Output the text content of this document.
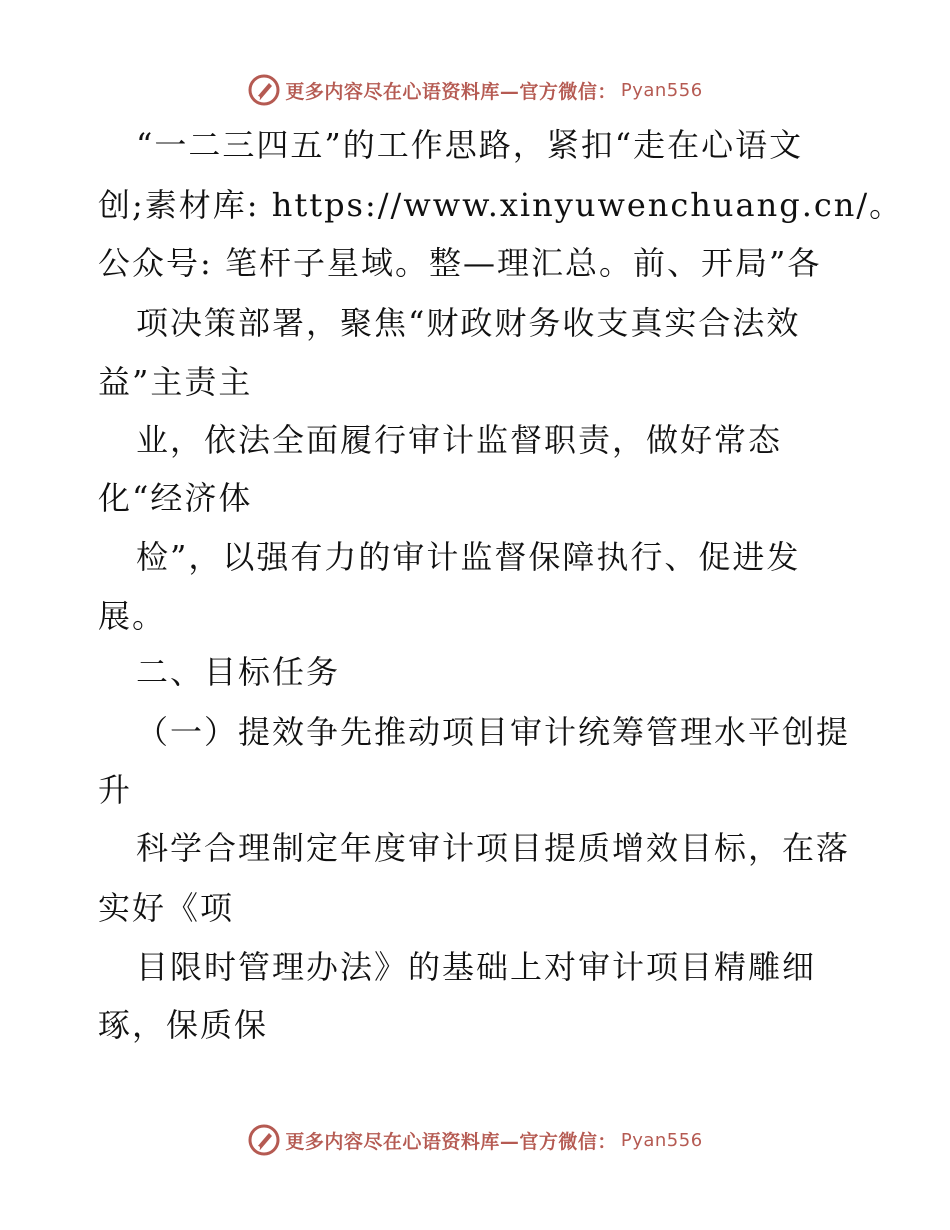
更多内容尽在心语资料库—官方微信： Pyan556
“一二三四五”的工作思路，紧扣“走在心语文
创;素材库: https://www.xinyuwenchuang.cn/。
公众号: 笔杆子星域。整—理汇总。前、开局”各
项决策部署，聚焦“财政财务收支真实合法效
益”主责主
业，依法全面履行审计监督职责，做好常态
化“经济体
检”，以强有力的审计监督保障执行、促进发
展。
二、目标任务
（一）提效争先推动项目审计统筹管理水平创提
升
科学合理制定年度审计项目提质增效目标，在落
实好《项
目限时管理办法》的基础上对审计项目精雕细
琢，保质保
更多内容尽在心语资料库—官方微信： Pyan556
